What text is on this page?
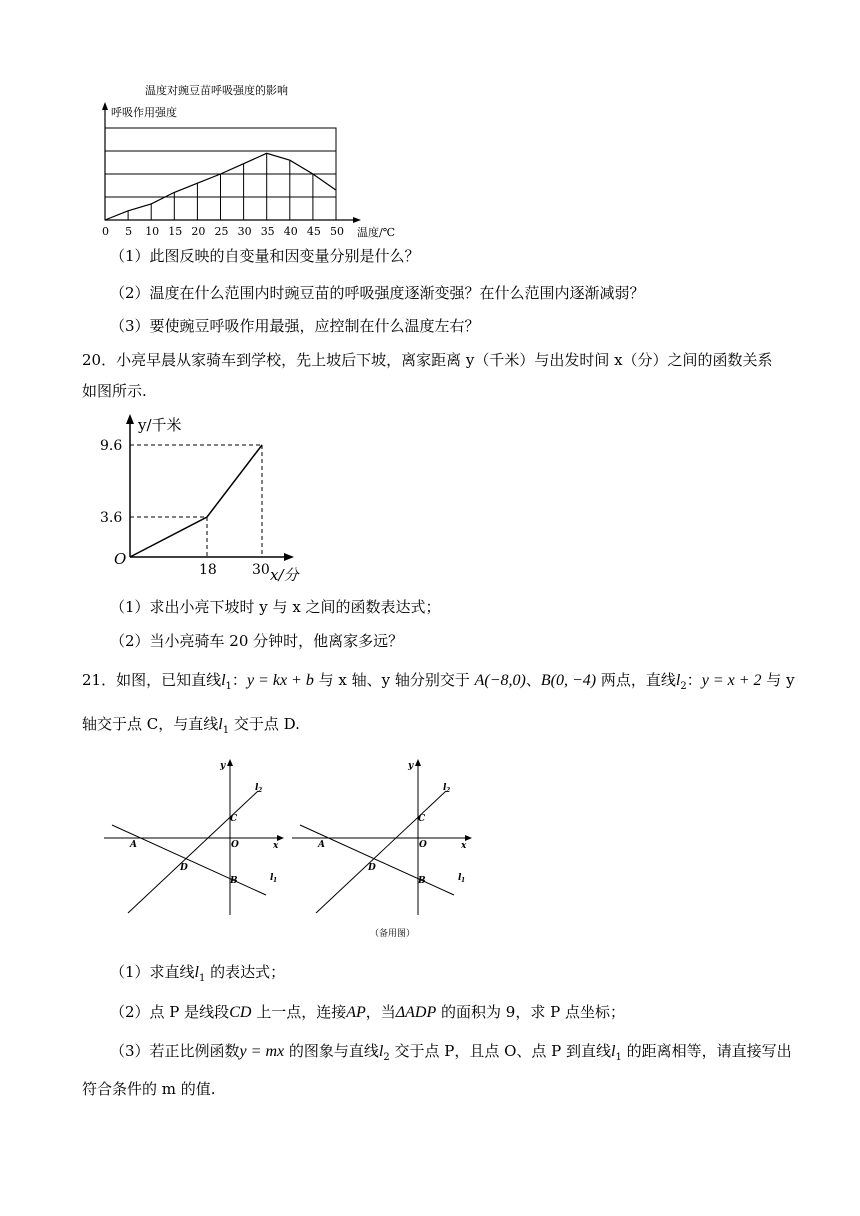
温度对豌豆苗呼吸强度的影响
呼吸作用强度
0 5 10 15 20 25 30 35 40 45 50 温度/℃
（1）此图反映的自变量和因变量分别是什么？
（2）温度在什么范围内时豌豆苗的呼吸强度逐渐变强？在什么范围内逐渐减弱？
（3）要使豌豆呼吸作用最强，应控制在什么温度左右？
20．小亮早晨从家骑车到学校，先上坡后下坡，离家距离 y（千米）与出发时间 x（分）之间的函数关系
如图所示.
y/千米
x/分
O
9.6
3.6
18	30
（1）求出小亮下坡时 y 与 x 之间的函数表达式；
（2）当小亮骑车 20 分钟时，他离家多远？
21．如图，已知直线$l_1$：y = kx + b 与 x 轴、y 轴分别交于 A(−8,0)、B(0, −4) 两点，直线$l_2$：y = x + 2 与 y
轴交于点 C，与直线$l_1$ 交于点 D.
x
y
A
B
C
D
O
l 1
l 2
x
y
A
B
C
D
O
l 1
l 2
（备用图）
（1）求直线$l_1$ 的表达式；
（2）点 P 是线段CD 上一点，连接AP，当ΔADP 的面积为 9，求 P 点坐标；
（3）若正比例函数y = mx 的图象与直线$l_2$ 交于点 P，且点 O、点 P 到直线$l_1$ 的距离相等，请直接写出
符合条件的 m 的值.
